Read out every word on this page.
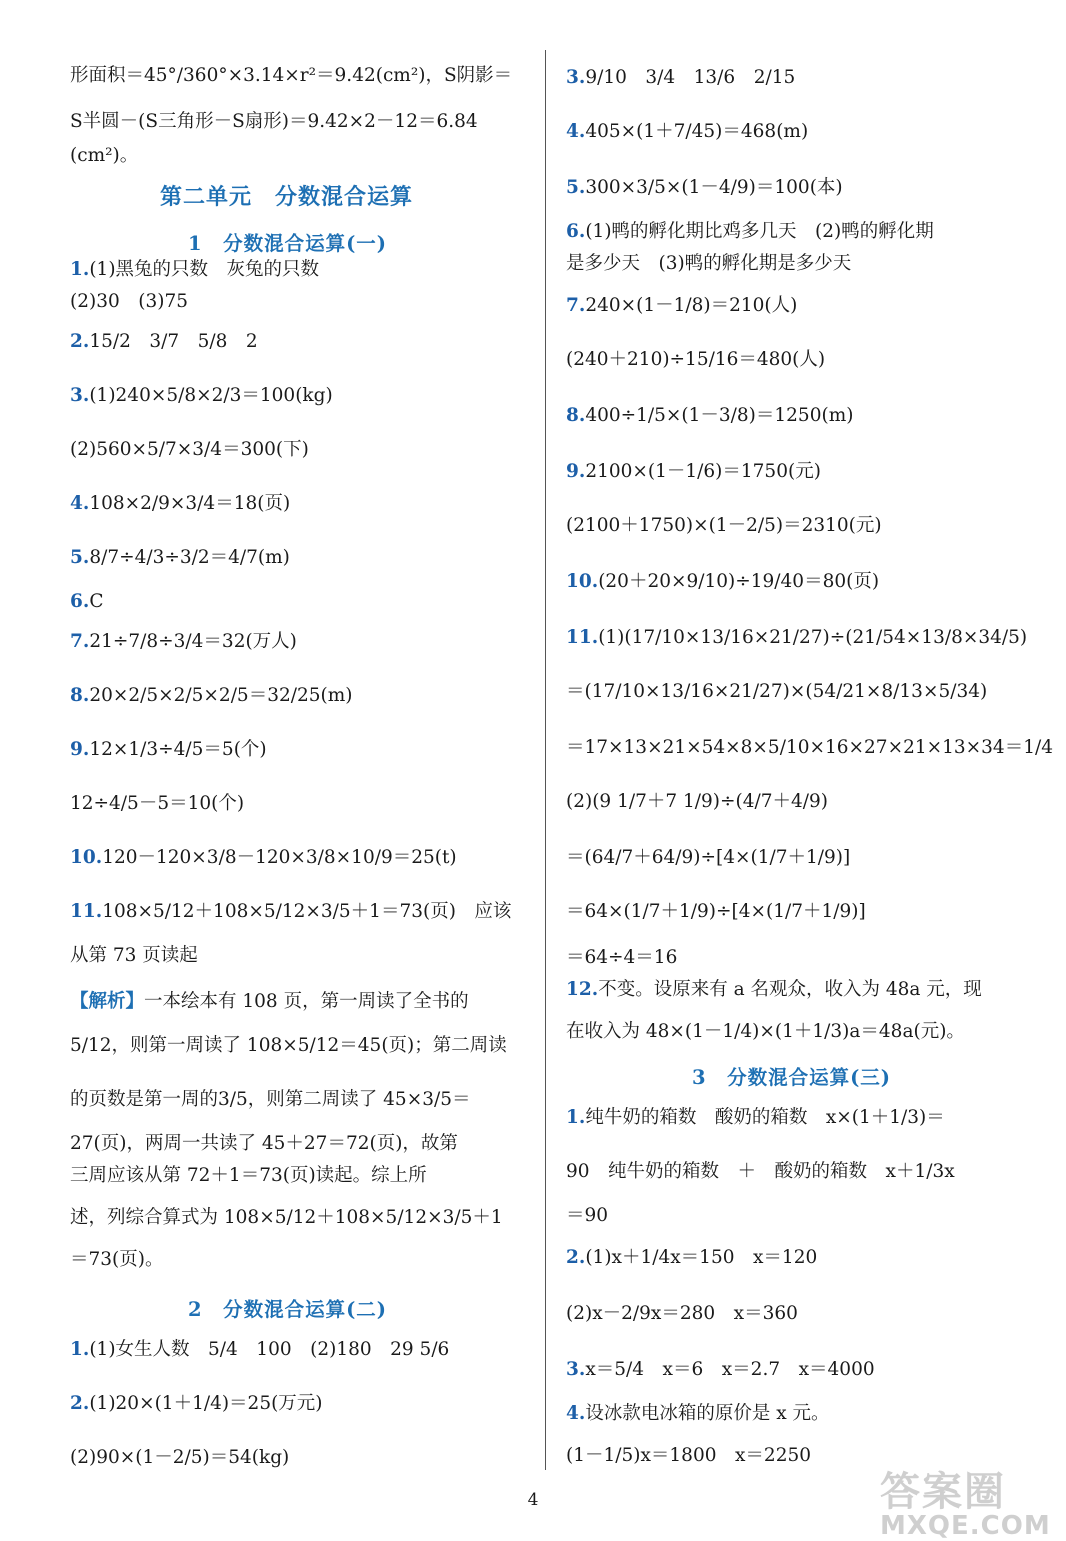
形面积＝45°/360°×3.14×r²＝9.42(cm²)，S阴影＝
S半圆－(S三角形－S扇形)＝9.42×2－12＝6.84
(cm²)。
第二单元　分数混合运算
1　分数混合运算(一)
1.(1)黑兔的只数　灰兔的只数
(2)30　(3)75
2.15/2　3/7　5/8　2
3.(1)240×5/8×2/3＝100(kg)
(2)560×5/7×3/4＝300(下)
4.108×2/9×3/4＝18(页)
5.8/7÷4/3÷3/2＝4/7(m)
6.C
7.21÷7/8÷3/4＝32(万人)
8.20×2/5×2/5×2/5＝32/25(m)
9.12×1/3÷4/5＝5(个)
12÷4/5－5＝10(个)
10.120－120×3/8－120×3/8×10/9＝25(t)
11.108×5/12＋108×5/12×3/5＋1＝73(页)　应该
从第 73 页读起
【解析】一本绘本有 108 页，第一周读了全书的
5/12，则第一周读了 108×5/12＝45(页)；第二周读
的页数是第一周的3/5，则第二周读了 45×3/5＝
27(页)，两周一共读了 45＋27＝72(页)，故第
三周应该从第 72＋1＝73(页)读起。综上所
述，列综合算式为 108×5/12＋108×5/12×3/5＋1
＝73(页)。
2　分数混合运算(二)
1.(1)女生人数　5/4　100　(2)180　29 5/6
2.(1)20×(1＋1/4)＝25(万元)
(2)90×(1－2/5)＝54(kg)
3.9/10　3/4　13/6　2/15
4.405×(1＋7/45)＝468(m)
5.300×3/5×(1－4/9)＝100(本)
6.(1)鸭的孵化期比鸡多几天　(2)鸭的孵化期
是多少天　(3)鸭的孵化期是多少天
7.240×(1－1/8)＝210(人)
(240＋210)÷15/16＝480(人)
8.400÷1/5×(1－3/8)＝1250(m)
9.2100×(1－1/6)＝1750(元)
(2100＋1750)×(1－2/5)＝2310(元)
10.(20＋20×9/10)÷19/40＝80(页)
11.(1)(17/10×13/16×21/27)÷(21/54×13/8×34/5)
＝(17/10×13/16×21/27)×(54/21×8/13×5/34)
＝17×13×21×54×8×5/10×16×27×21×13×34＝1/4
(2)(9 1/7＋7 1/9)÷(4/7＋4/9)
＝(64/7＋64/9)÷[4×(1/7＋1/9)]
＝64×(1/7＋1/9)÷[4×(1/7＋1/9)]
＝64÷4＝16
12.不变。设原来有 a 名观众，收入为 48a 元，现
在收入为 48×(1－1/4)×(1＋1/3)a＝48a(元)。
3　分数混合运算(三)
1.纯牛奶的箱数　酸奶的箱数　x×(1＋1/3)＝
90　纯牛奶的箱数　＋　酸奶的箱数　x＋1/3x
＝90
2.(1)x＋1/4x＝150　x＝120
(2)x－2/9x＝280　x＝360
3.x＝5/4　x＝6　x＝2.7　x＝4000
4.设冰款电冰箱的原价是 x 元。
(1－1/5)x＝1800　x＝2250
4	答案圈
MXQE.COM
